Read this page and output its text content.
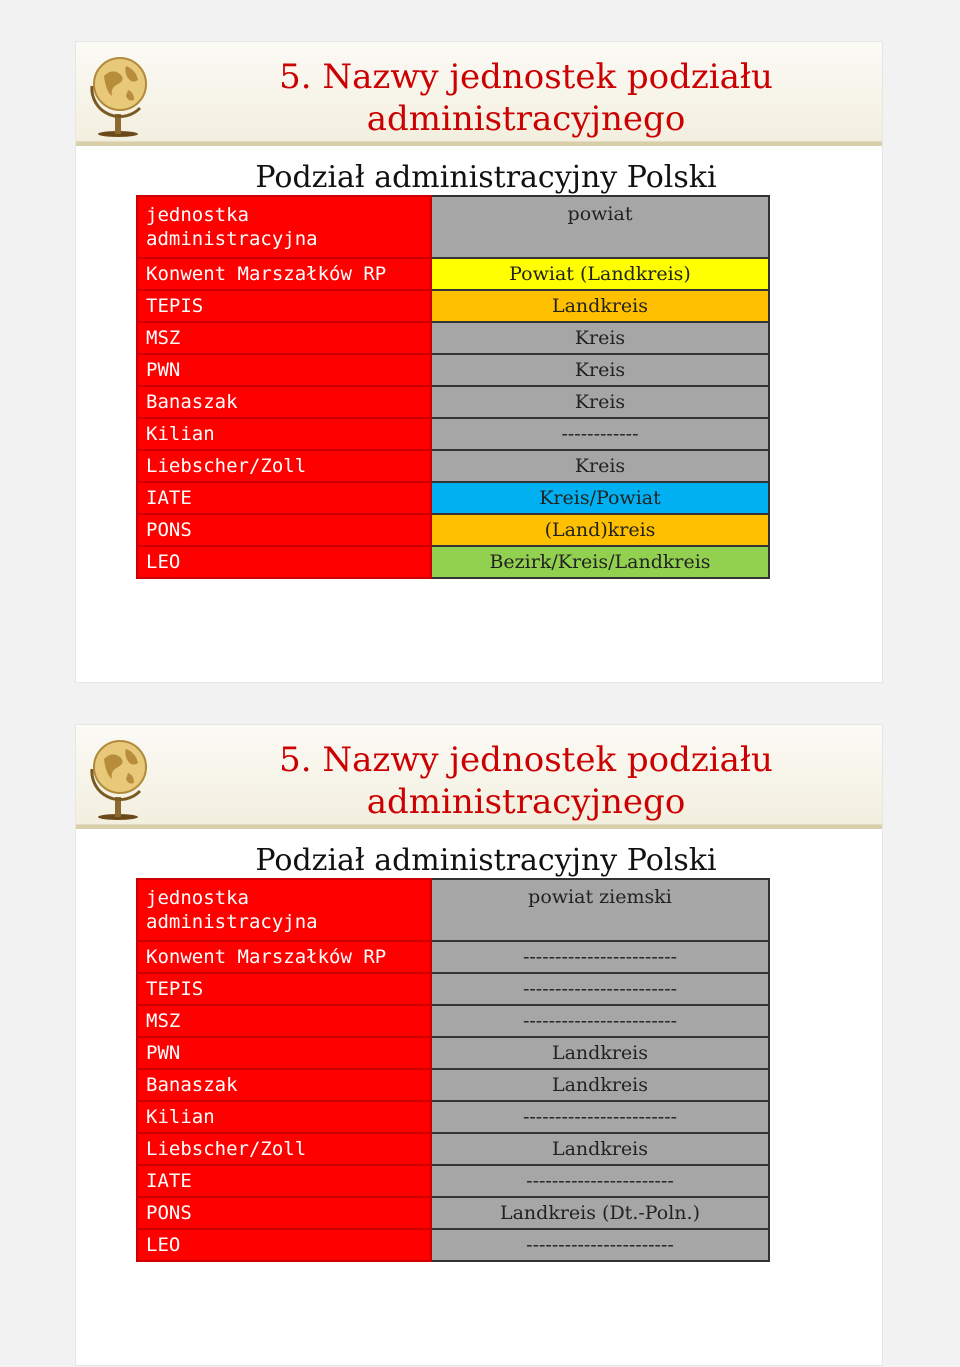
5. Nazwy jednostek podziału
administracyjnego
Podział administracyjny Polski
jednostka administracyjna	powiat
Konwent Marszałków RP	Powiat (Landkreis)
TEPIS	Landkreis
MSZ	Kreis
PWN	Kreis
Banaszak	Kreis
Kilian	------------
Liebscher/Zoll	Kreis
IATE	Kreis/Powiat
PONS	(Land)kreis
LEO	Bezirk/Kreis/Landkreis
5. Nazwy jednostek podziału
administracyjnego
Podział administracyjny Polski
jednostka administracyjna	powiat ziemski
Konwent Marszałków RP	------------------------
TEPIS	------------------------
MSZ	------------------------
PWN	Landkreis
Banaszak	Landkreis
Kilian	------------------------
Liebscher/Zoll	Landkreis
IATE	-----------------------
PONS	Landkreis (Dt.-Poln.)
LEO	-----------------------
